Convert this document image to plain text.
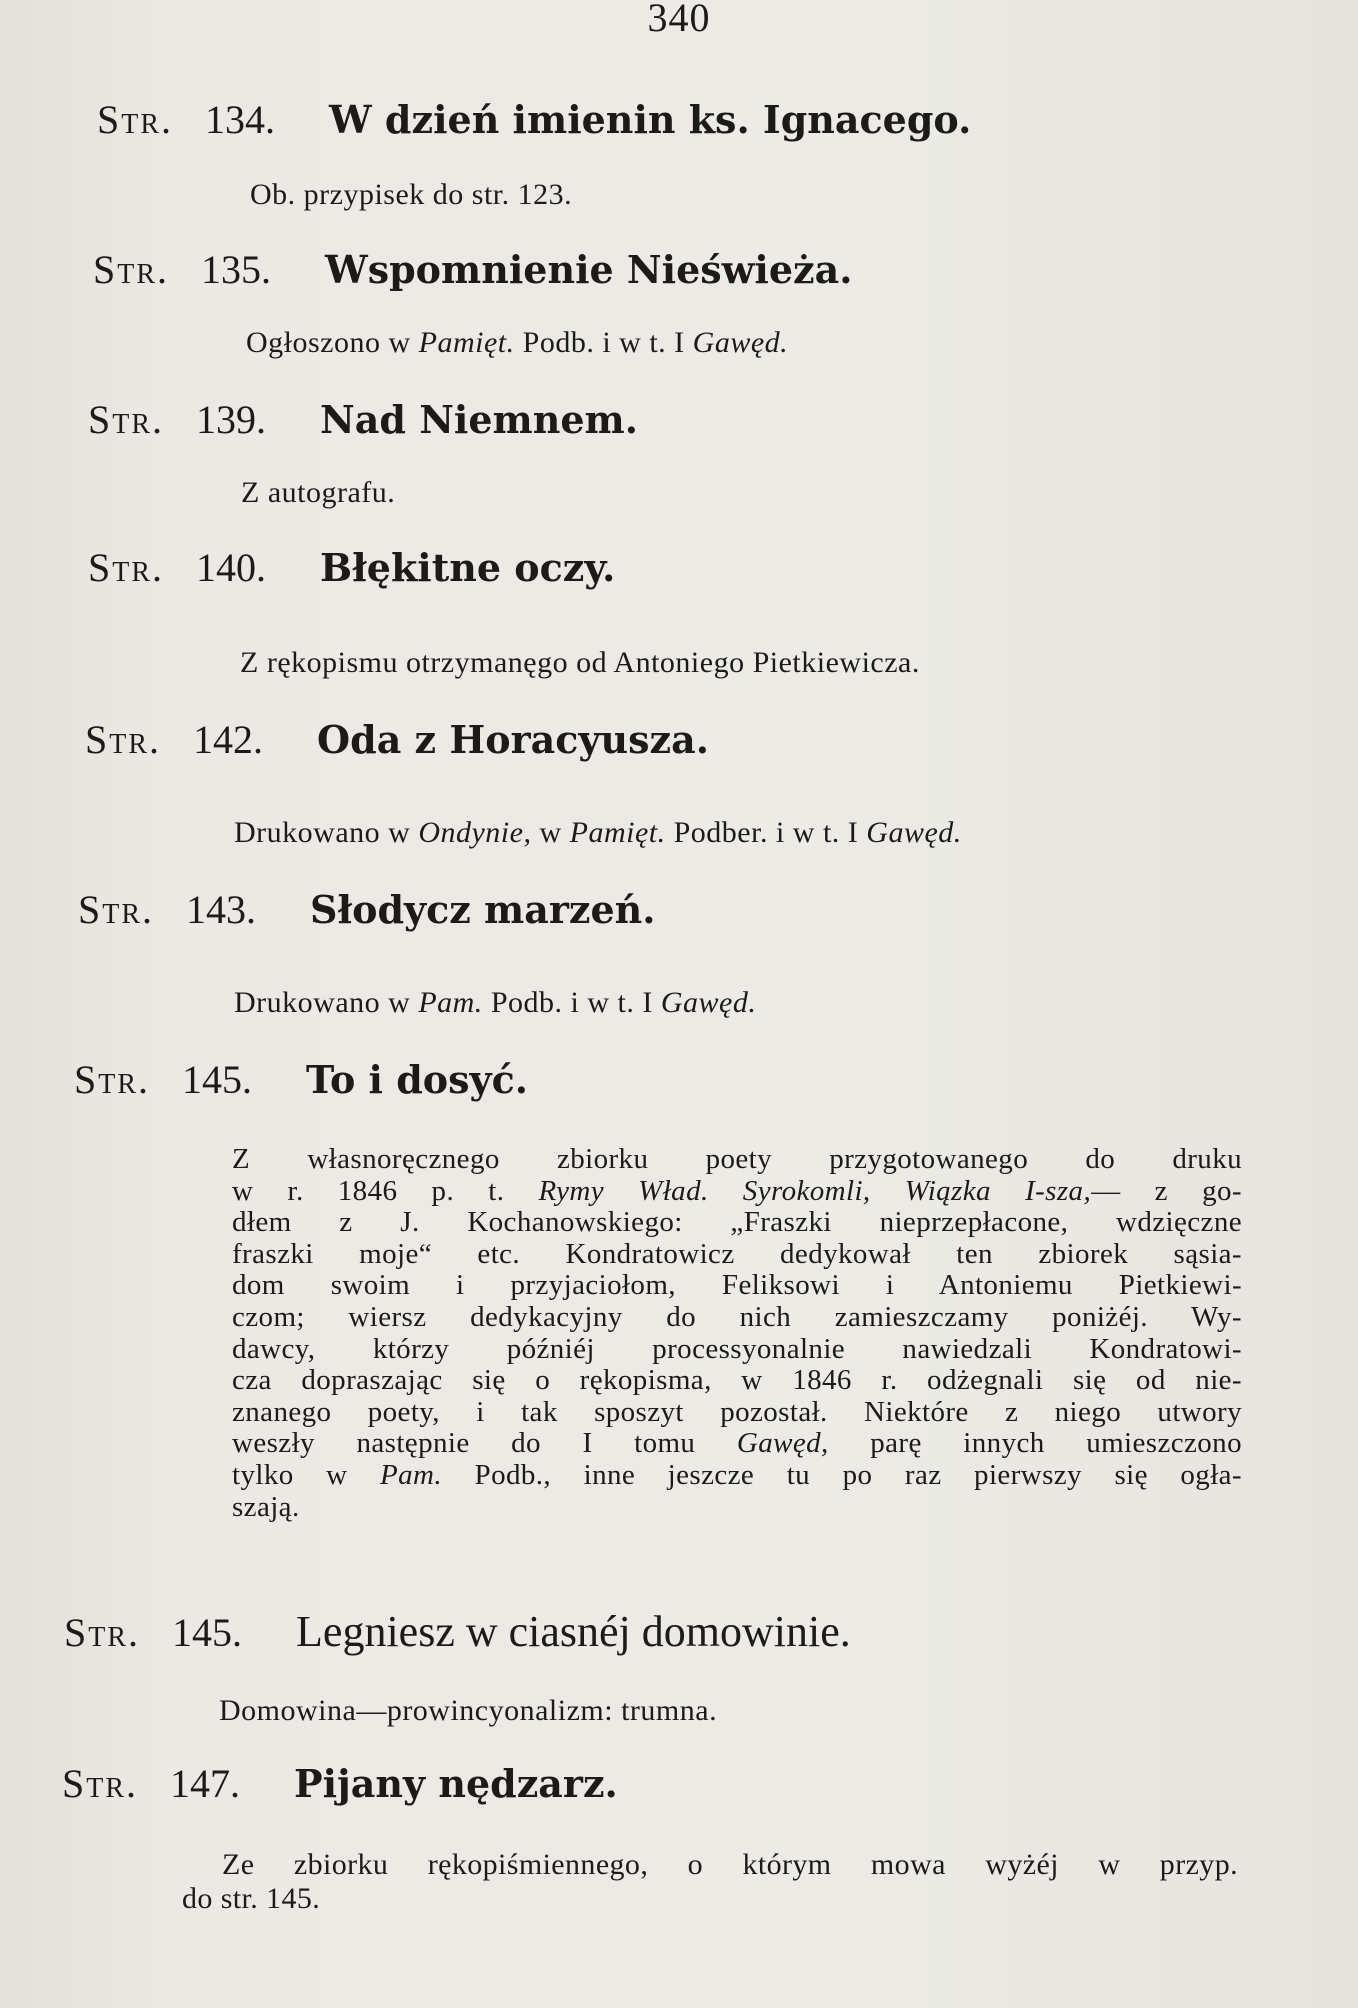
340
Str. 134. W dzień imienin ks. Ignacego.
Ob. przypisek do str. 123.
Str. 135. Wspomnienie Nieświeża.
Ogłoszono w Pamięt. Podb. i w t. I Gawęd.
Str. 139. Nad Niemnem.
Z autografu.
Str. 140. Błękitne oczy.
Z rękopismu otrzymanęgo od Antoniego Pietkiewicza.
Str. 142. Oda z Horacyusza.
Drukowano w Ondynie, w Pamięt. Podber. i w t. I Gawęd.
Str. 143. Słodycz marzeń.
Drukowano w Pam. Podb. i w t. I Gawęd.
Str. 145. To i dosyć.
Z własnoręcznego zbiorku poety przygotowanego do druku
w r. 1846 p. t. Rymy Wład. Syrokomli, Wiązka I-sza,— z go-
dłem z J. Kochanowskiego: „Fraszki nieprzepłacone, wdzięczne
fraszki moje“ etc. Kondratowicz dedykował ten zbiorek sąsia-
dom swoim i przyjaciołom, Feliksowi i Antoniemu Pietkiewi-
czom; wiersz dedykacyjny do nich zamieszczamy poniżéj. Wy-
dawcy, którzy późniéj processyonalnie nawiedzali Kondratowi-
cza dopraszając się o rękopisma, w 1846 r. odżegnali się od nie-
znanego poety, i tak sposzyt pozostał. Niektóre z niego utwory
weszły następnie do I tomu Gawęd, parę innych umieszczono
tylko w Pam. Podb., inne jeszcze tu po raz pierwszy się ogła-
szają.
Str. 145. Legniesz w ciasnéj domowinie.
Domowina—prowincyonalizm: trumna.
Str. 147. Pijany nędzarz.
Ze zbiorku rękopiśmiennego, o którym mowa wyżéj w przyp.
do str. 145.
